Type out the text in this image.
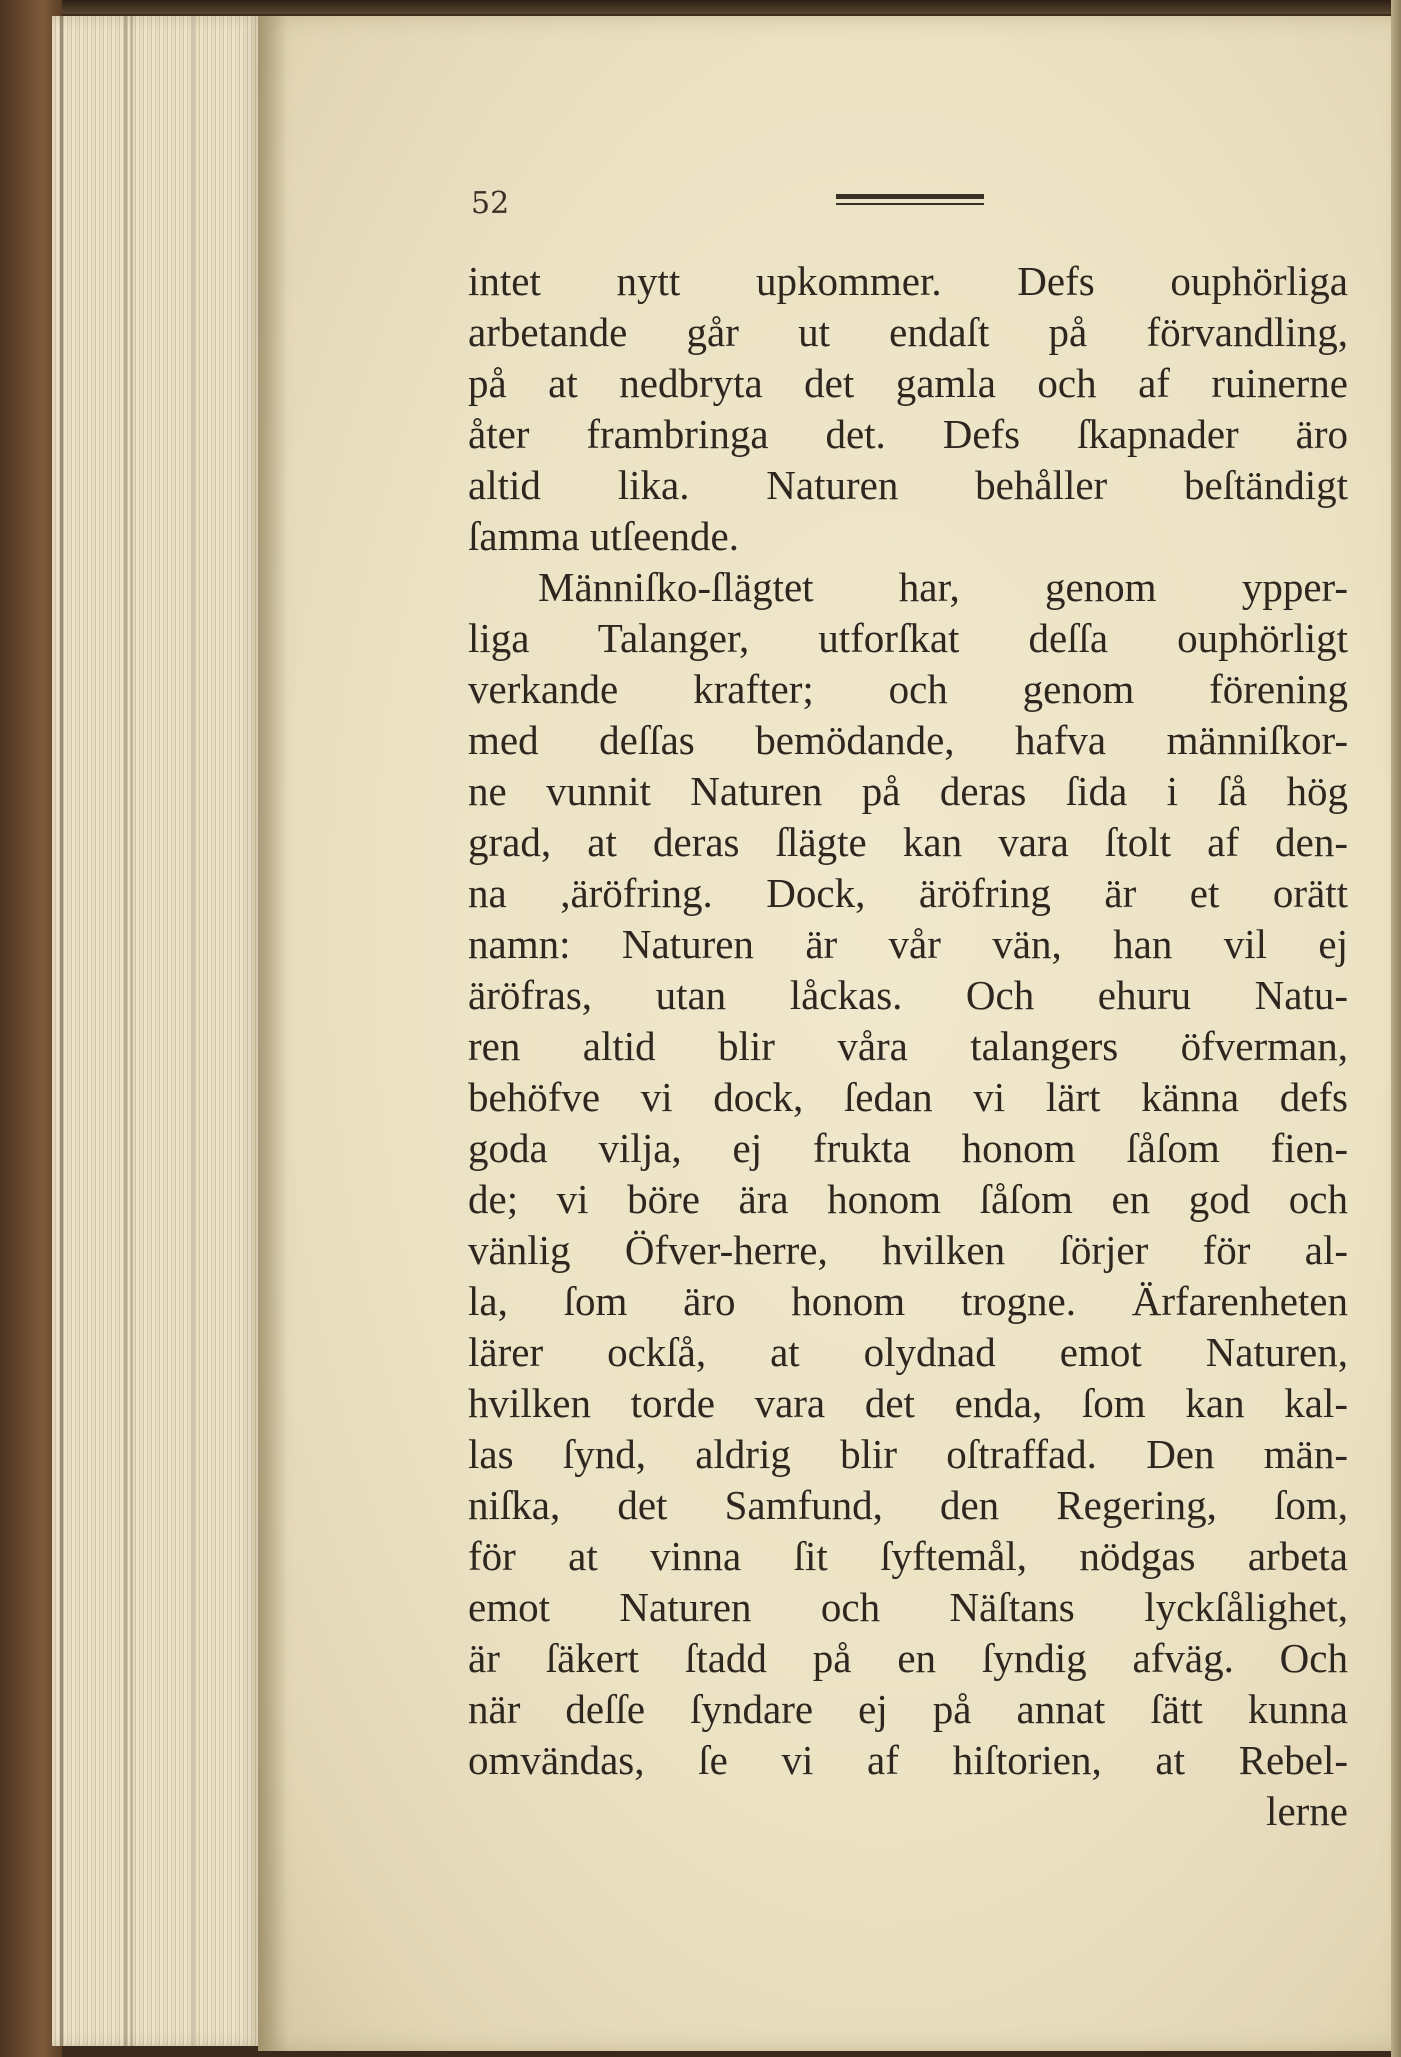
52
intet nytt upkommer. Defs ouphörliga
arbetande går ut endaſt på förvandling,
på at nedbryta det gamla och af ruinerne
åter frambringa det. Defs ſkapnader äro
altid lika. Naturen behåller beſtändigt
ſamma utſeende.
Männiſko-ſlägtet har, genom ypper-
liga Talanger, utforſkat deſſa ouphörligt
verkande krafter; och genom förening
med deſſas bemödande, hafva männiſkor-
ne vunnit Naturen på deras ſida i ſå hög
grad, at deras ſlägte kan vara ſtolt af den-
na ,äröfring. Dock, äröfring är et orätt
namn: Naturen är vår vän, han vil ej
äröfras, utan låckas. Och ehuru Natu-
ren altid blir våra talangers öfverman,
behöfve vi dock, ſedan vi lärt känna defs
goda vilja, ej frukta honom ſåſom fien-
de; vi böre ära honom ſåſom en god och
vänlig Öfver-herre, hvilken ſörjer för al-
la, ſom äro honom trogne. Ärfarenheten
lärer ockſå, at olydnad emot Naturen,
hvilken torde vara det enda, ſom kan kal-
las ſynd, aldrig blir oſtraffad. Den män-
niſka, det Samfund, den Regering, ſom,
för at vinna ſit ſyftemål, nödgas arbeta
emot Naturen och Näſtans lyckſålighet,
är ſäkert ſtadd på en ſyndig afväg. Och
när deſſe ſyndare ej på annat ſätt kunna
omvändas, ſe vi af hiſtorien, at Rebel-
lerne
